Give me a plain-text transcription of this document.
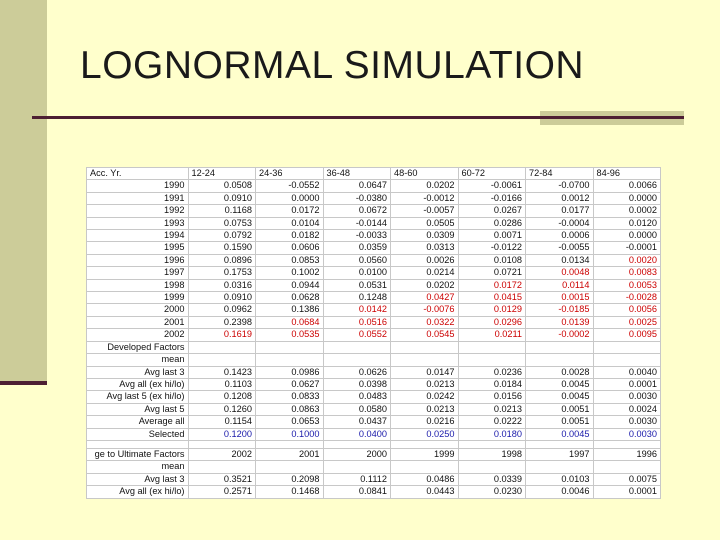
LOGNORMAL SIMULATION
Acc. Yr.	12-24	24-36	36-48	48-60	60-72	72-84	84-96
1990	0.0508	-0.0552	0.0647	0.0202	-0.0061	-0.0700	0.0066
1991	0.0910	0.0000	-0.0380	-0.0012	-0.0166	0.0012	0.0000
1992	0.1168	0.0172	0.0672	-0.0057	0.0267	0.0177	0.0002
1993	0.0753	0.0104	-0.0144	0.0505	0.0286	-0.0004	0.0120
1994	0.0792	0.0182	-0.0033	0.0309	0.0071	0.0006	0.0000
1995	0.1590	0.0606	0.0359	0.0313	-0.0122	-0.0055	-0.0001
1996	0.0896	0.0853	0.0560	0.0026	0.0108	0.0134	0.0020
1997	0.1753	0.1002	0.0100	0.0214	0.0721	0.0048	0.0083
1998	0.0316	0.0944	0.0531	0.0202	0.0172	0.0114	0.0053
1999	0.0910	0.0628	0.1248	0.0427	0.0415	0.0015	-0.0028
2000	0.0962	0.1386	0.0142	-0.0076	0.0129	-0.0185	0.0056
2001	0.2398	0.0684	0.0516	0.0322	0.0296	0.0139	0.0025
2002	0.1619	0.0535	0.0552	0.0545	0.0211	-0.0002	0.0095
Developed Factors							
mean							
Avg last 3	0.1423	0.0986	0.0626	0.0147	0.0236	0.0028	0.0040
Avg all (ex hi/lo)	0.1103	0.0627	0.0398	0.0213	0.0184	0.0045	0.0001
Avg last 5 (ex hi/lo)	0.1208	0.0833	0.0483	0.0242	0.0156	0.0045	0.0030
Avg last 5	0.1260	0.0863	0.0580	0.0213	0.0213	0.0051	0.0024
Average all	0.1154	0.0653	0.0437	0.0216	0.0222	0.0051	0.0030
Selected	0.1200	0.1000	0.0400	0.0250	0.0180	0.0045	0.0030

ge to Ultimate Factors	2002	2001	2000	1999	1998	1997	1996
mean							
Avg last 3	0.3521	0.2098	0.1112	0.0486	0.0339	0.0103	0.0075
Avg all (ex hi/lo)	0.2571	0.1468	0.0841	0.0443	0.0230	0.0046	0.0001
